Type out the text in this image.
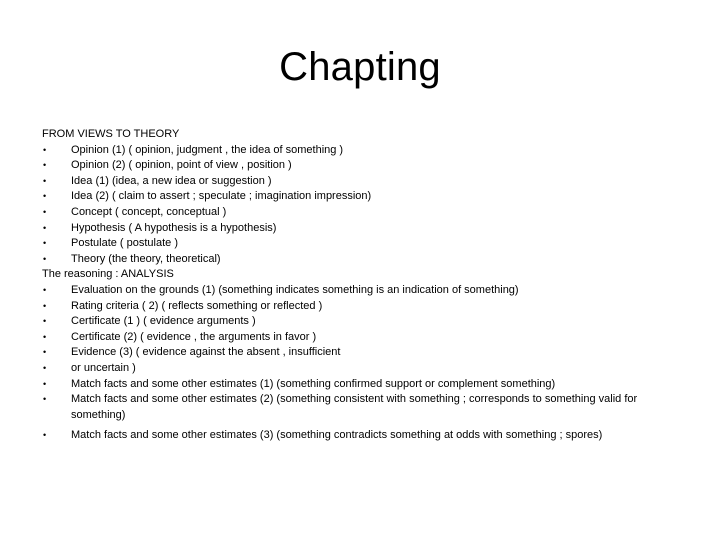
Chapting
FROM VIEWS TO THEORY
•	Opinion (1) ( opinion, judgment , the idea of something )
•	Opinion (2) ( opinion, point of view , position )
•	Idea (1) (idea, a new idea or suggestion )
•	Idea (2) ( claim to assert ; speculate ; imagination impression)
•	Concept ( concept, conceptual )
•	Hypothesis ( A hypothesis is a hypothesis)
•	Postulate ( postulate )
•	Theory (the theory, theoretical)
The reasoning : ANALYSIS
•	Evaluation on the grounds (1) (something indicates something is an indication of something)
•	Rating criteria ( 2) ( reflects something or reflected )
•	Certificate (1 ) ( evidence arguments )
•	Certificate (2) ( evidence , the arguments in favor )
•	Evidence (3) ( evidence against the absent , insufficient
•	or uncertain )
•	Match facts and some other estimates (1) (something confirmed support or complement something)
•	Match facts and some other estimates (2) (something consistent with something ; corresponds to something valid for something)
•	Match facts and some other estimates (3) (something contradicts something at odds with something ; spores)
